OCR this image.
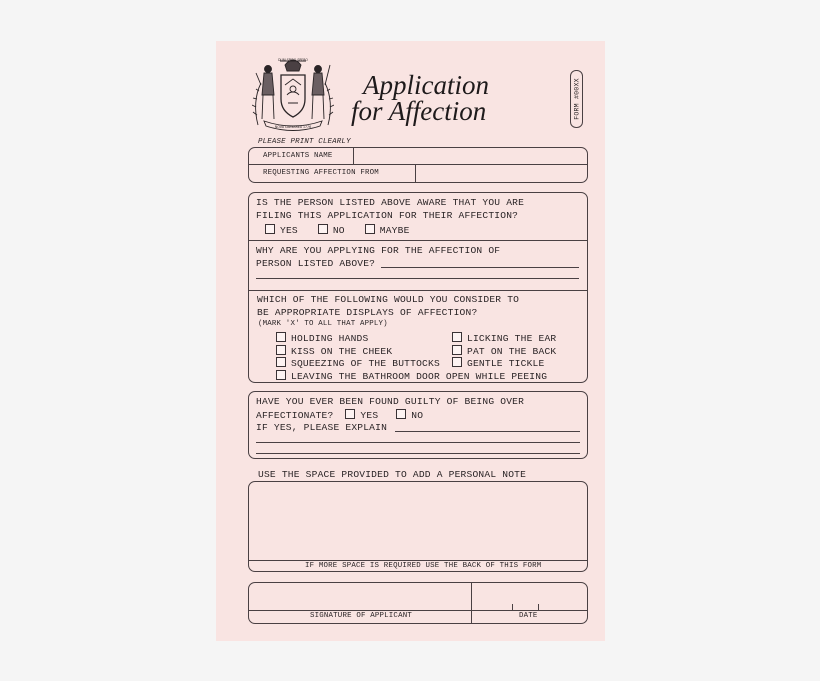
DUM SPIRO SPERO
NOVA CAESAREA 1776
Application
for Affection	FORM #00XX
PLEASE PRINT CLEARLY
APPLICANTS NAME
REQUESTING AFFECTION FROM
IS THE PERSON LISTED ABOVE AWARE THAT YOU ARE
FILING THIS APPLICATION FOR THEIR AFFECTION?
YES	NO	MAYBE
WHY ARE YOU APPLYING FOR THE AFFECTION OF
PERSON LISTED ABOVE?
WHICH OF THE FOLLOWING WOULD YOU CONSIDER TO
BE APPROPRIATE DISPLAYS OF AFFECTION?
(MARK 'X' TO ALL THAT APPLY)
HOLDING HANDS
KISS ON THE CHEEK
SQUEEZING OF THE BUTTOCKS
LEAVING THE BATHROOM DOOR OPEN WHILE PEEING
LICKING THE EAR
PAT ON THE BACK
GENTLE TICKLE
HAVE YOU EVER BEEN FOUND GUILTY OF BEING OVER
AFFECTIONATE?	YES	NO
IF YES, PLEASE EXPLAIN
USE THE SPACE PROVIDED TO ADD A PERSONAL NOTE
IF MORE SPACE IS REQUIRED USE THE BACK OF THIS FORM
SIGNATURE OF APPLICANT	DATE
